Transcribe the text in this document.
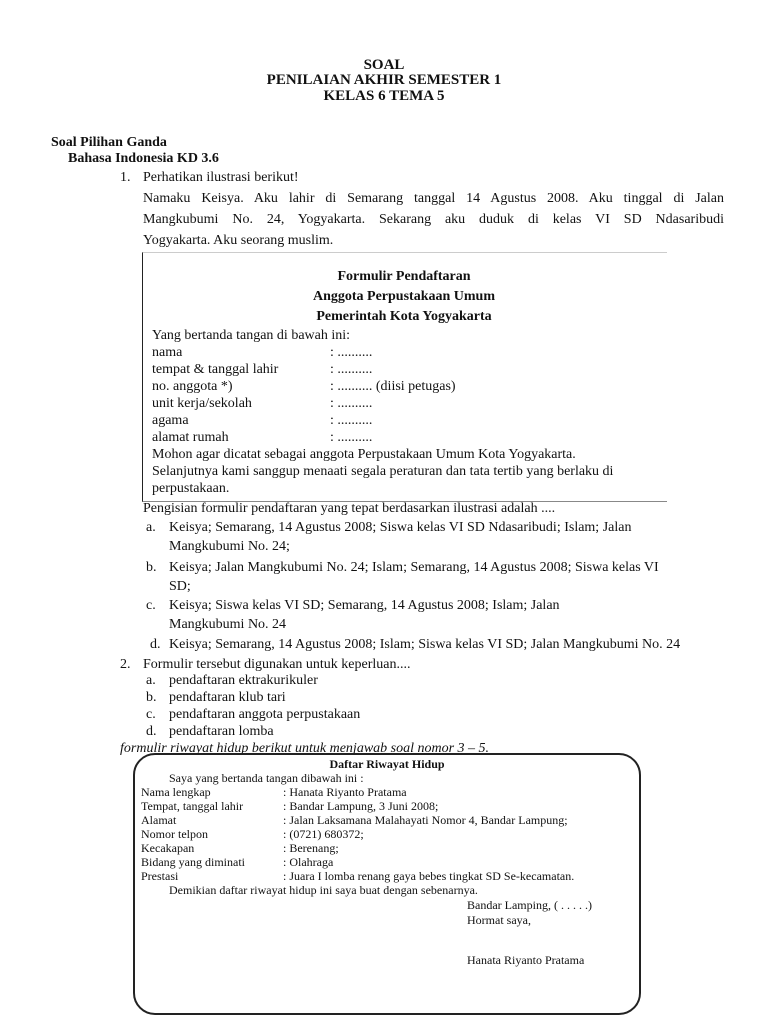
SOAL
PENILAIAN AKHIR SEMESTER 1
KELAS 6 TEMA 5
Soal Pilihan Ganda
Bahasa Indonesia KD 3.6
1. Perhatikan ilustrasi berikut!
Namaku Keisya. Aku lahir di Semarang tanggal 14 Agustus 2008. Aku tinggal di Jalan
Mangkubumi No. 24, Yogyakarta. Sekarang aku duduk di kelas VI SD Ndasaribudi
Yogyakarta. Aku seorang muslim.
Formulir Pendaftaran
Anggota Perpustakaan Umum
Pemerintah Kota Yogyakarta
Yang bertanda tangan di bawah ini:
nama	: ..........
tempat & tanggal lahir	: ..........
no. anggota *)	: .......... (diisi petugas)
unit kerja/sekolah	: ..........
agama	: ..........
alamat rumah	: ..........
Mohon agar dicatat sebagai anggota Perpustakaan Umum Kota Yogyakarta.
Selanjutnya kami sanggup menaati segala peraturan dan tata tertib yang berlaku di
perpustakaan.
Pengisian formulir pendaftaran yang tepat berdasarkan ilustrasi adalah ....
a. Keisya; Semarang, 14 Agustus 2008; Siswa kelas VI SD Ndasaribudi; Islam; Jalan
Mangkubumi No. 24;
b. Keisya; Jalan Mangkubumi No. 24; Islam; Semarang, 14 Agustus 2008; Siswa kelas VI
SD;
c. Keisya; Siswa kelas VI SD; Semarang, 14 Agustus 2008; Islam; Jalan
Mangkubumi No. 24
d. Keisya; Semarang, 14 Agustus 2008; Islam; Siswa kelas VI SD; Jalan Mangkubumi No. 24
2. Formulir tersebut digunakan untuk keperluan....
a. pendaftaran ektrakurikuler
b. pendaftaran klub tari
c. pendaftaran anggota perpustakaan
d. pendaftaran lomba
formulir riwayat hidup berikut untuk menjawab soal nomor 3 – 5.
Daftar Riwayat Hidup
Saya yang bertanda tangan dibawah ini :
Nama lengkap	: Hanata Riyanto Pratama
Tempat, tanggal lahir	: Bandar Lampung, 3 Juni 2008;
Alamat	: Jalan Laksamana Malahayati Nomor 4, Bandar Lampung;
Nomor telpon	: (0721) 680372;
Kecakapan	: Berenang;
Bidang yang diminati	: Olahraga
Prestasi	: Juara I lomba renang gaya bebes tingkat SD Se-kecamatan.
Demikian daftar riwayat hidup ini saya buat dengan sebenarnya.
Bandar Lamping, ( . . . . .)
Hormat saya,
Hanata Riyanto Pratama
